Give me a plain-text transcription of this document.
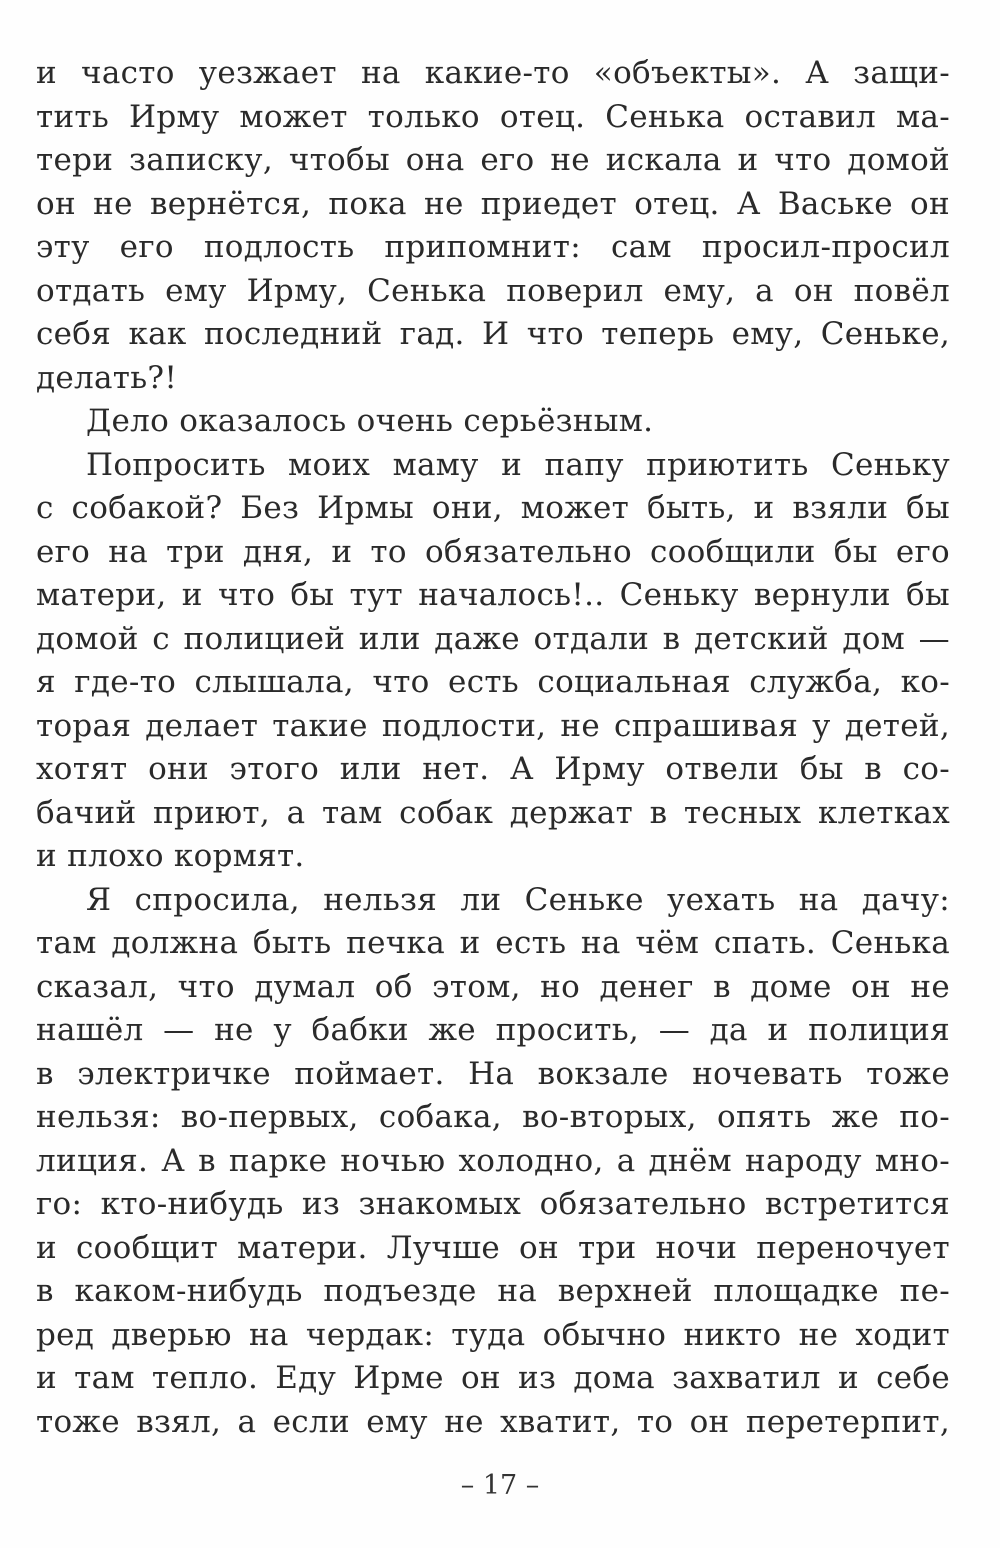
и часто уезжает на какие-то «объекты». А защи-
тить Ирму может только отец. Сенька оставил ма-
тери записку, чтобы она его не искала и что домой
он не вернётся, пока не приедет отец. А Ваське он
эту его подлость припомнит: сам просил-просил
отдать ему Ирму, Сенька поверил ему, а он повёл
себя как последний гад. И что теперь ему, Сеньке,
делать?!
Дело оказалось очень серьёзным.
Попросить моих маму и папу приютить Сеньку
с собакой? Без Ирмы они, может быть, и взяли бы
его на три дня, и то обязательно сообщили бы его
матери, и что бы тут началось!.. Сеньку вернули бы
домой с полицией или даже отдали в детский дом —
я где-то слышала, что есть социальная служба, ко-
торая делает такие подлости, не спрашивая у детей,
хотят они этого или нет. А Ирму отвели бы в со-
бачий приют, а там собак держат в тесных клетках
и плохо кормят.
Я спросила, нельзя ли Сеньке уехать на дачу:
там должна быть печка и есть на чём спать. Сенька
сказал, что думал об этом, но денег в доме он не
нашёл — не у бабки же просить, — да и полиция
в электричке поймает. На вокзале ночевать тоже
нельзя: во-первых, собака, во-вторых, опять же по-
лиция. А в парке ночью холодно, а днём народу мно-
го: кто-нибудь из знакомых обязательно встретится
и сообщит матери. Лучше он три ночи переночует
в каком-нибудь подъезде на верхней площадке пе-
ред дверью на чердак: туда обычно никто не ходит
и там тепло. Еду Ирме он из дома захватил и себе
тоже взял, а если ему не хватит, то он перетерпит,
– 17 –
